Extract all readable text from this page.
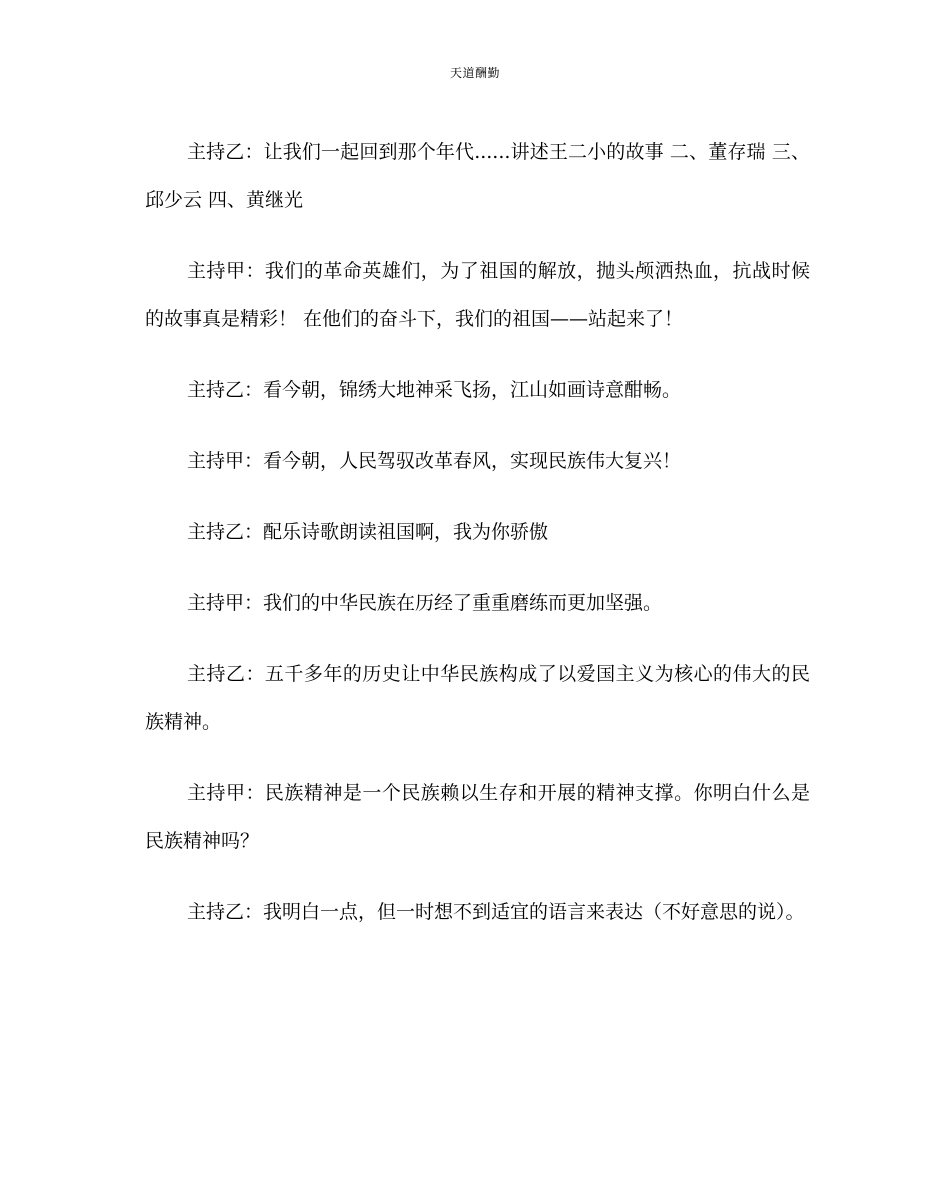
天道酬勤

主持乙：让我们一起回到那个年代......讲述王二小的故事 二、董存瑞 三、邱少云 四、黄继光

主持甲：我们的革命英雄们，为了祖国的解放，抛头颅洒热血，抗战时候的故事真是精彩！ 在他们的奋斗下，我们的祖国——站起来了！

主持乙：看今朝，锦绣大地神采飞扬，江山如画诗意酣畅。

主持甲：看今朝，人民驾驭改革春风，实现民族伟大复兴！

主持乙：配乐诗歌朗读祖国啊，我为你骄傲

主持甲：我们的中华民族在历经了重重磨练而更加坚强。

主持乙：五千多年的历史让中华民族构成了以爱国主义为核心的伟大的民族精神。

主持甲：民族精神是一个民族赖以生存和开展的精神支撑。你明白什么是民族精神吗？

主持乙：我明白一点，但一时想不到适宜的语言来表达（不好意思的说）。
